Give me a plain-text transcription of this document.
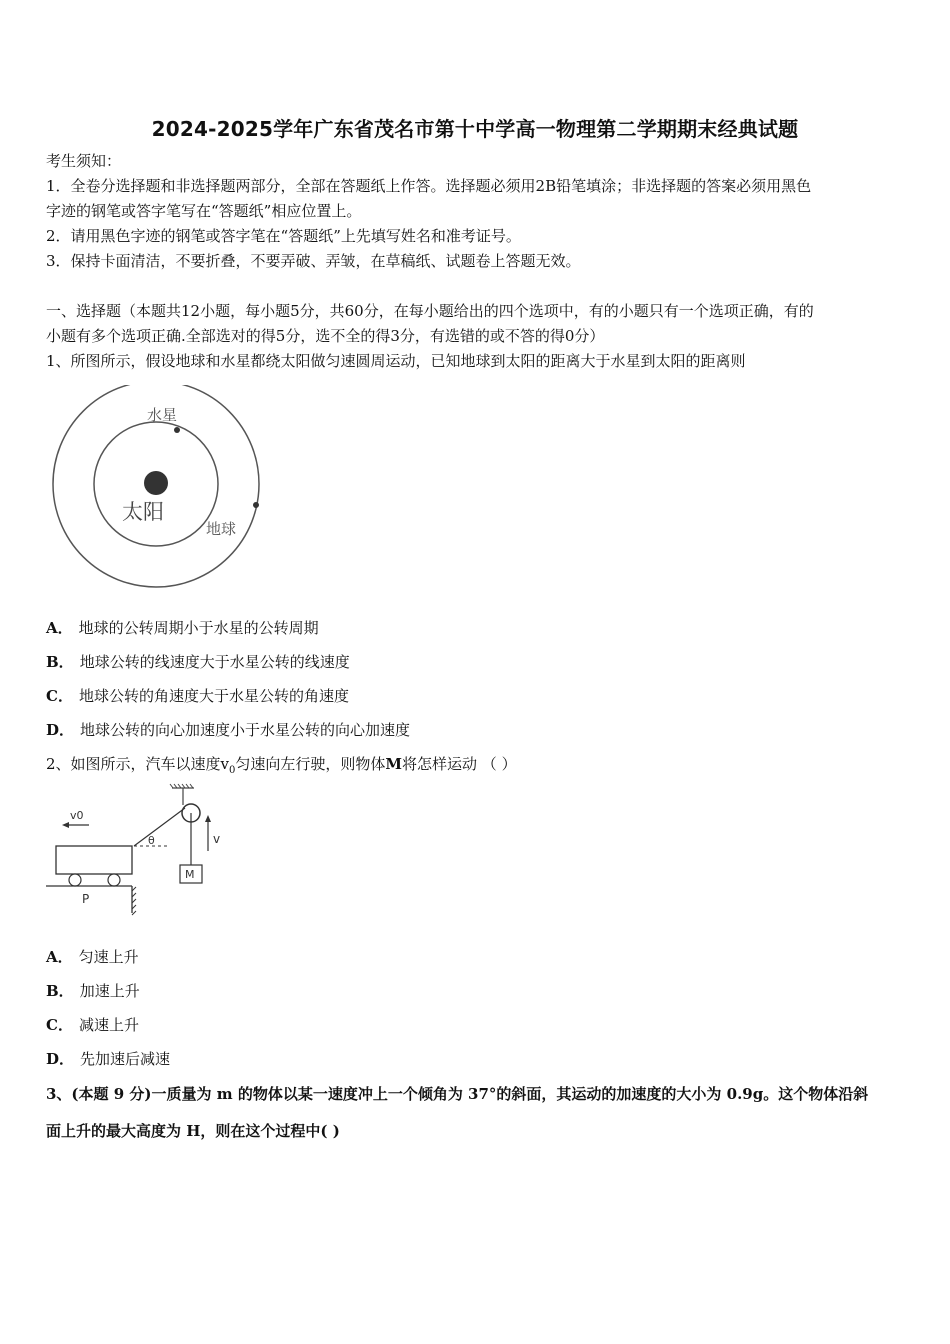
2024-2025学年广东省茂名市第十中学高一物理第二学期期末经典试题
考生须知：
1．全卷分选择题和非选择题两部分，全部在答题纸上作答。选择题必须用2B铅笔填涂；非选择题的答案必须用黑色
字迹的钢笔或答字笔写在“答题纸”相应位置上。
2．请用黑色字迹的钢笔或答字笔在“答题纸”上先填写姓名和准考证号。
3．保持卡面清洁，不要折叠，不要弄破、弄皱，在草稿纸、试题卷上答题无效。
一、选择题（本题共12小题，每小题5分，共60分，在每小题给出的四个选项中，有的小题只有一个选项正确，有的
小题有多个选项正确.全部选对的得5分，选不全的得3分，有选错的或不答的得0分）
1、所图所示，假设地球和水星都绕太阳做匀速圆周运动，已知地球到太阳的距离大于水星到太阳的距离则
水星
太阳
地球
A． 地球的公转周期小于水星的公转周期
B． 地球公转的线速度大于水星公转的线速度
C． 地球公转的角速度大于水星公转的角速度
D． 地球公转的向心加速度小于水星公转的向心加速度
2、如图所示，汽车以速度$v_0$匀速向左行驶，则物体M将怎样运动 （ ）
M
v
θ
v0
P
A． 匀速上升
B． 加速上升
C． 减速上升
D． 先加速后减速
3、(本题 9 分)一质量为 m 的物体以某一速度冲上一个倾角为 37°的斜面，其运动的加速度的大小为 0.9g。这个物体沿斜
面上升的最大高度为 H，则在这个过程中( )
